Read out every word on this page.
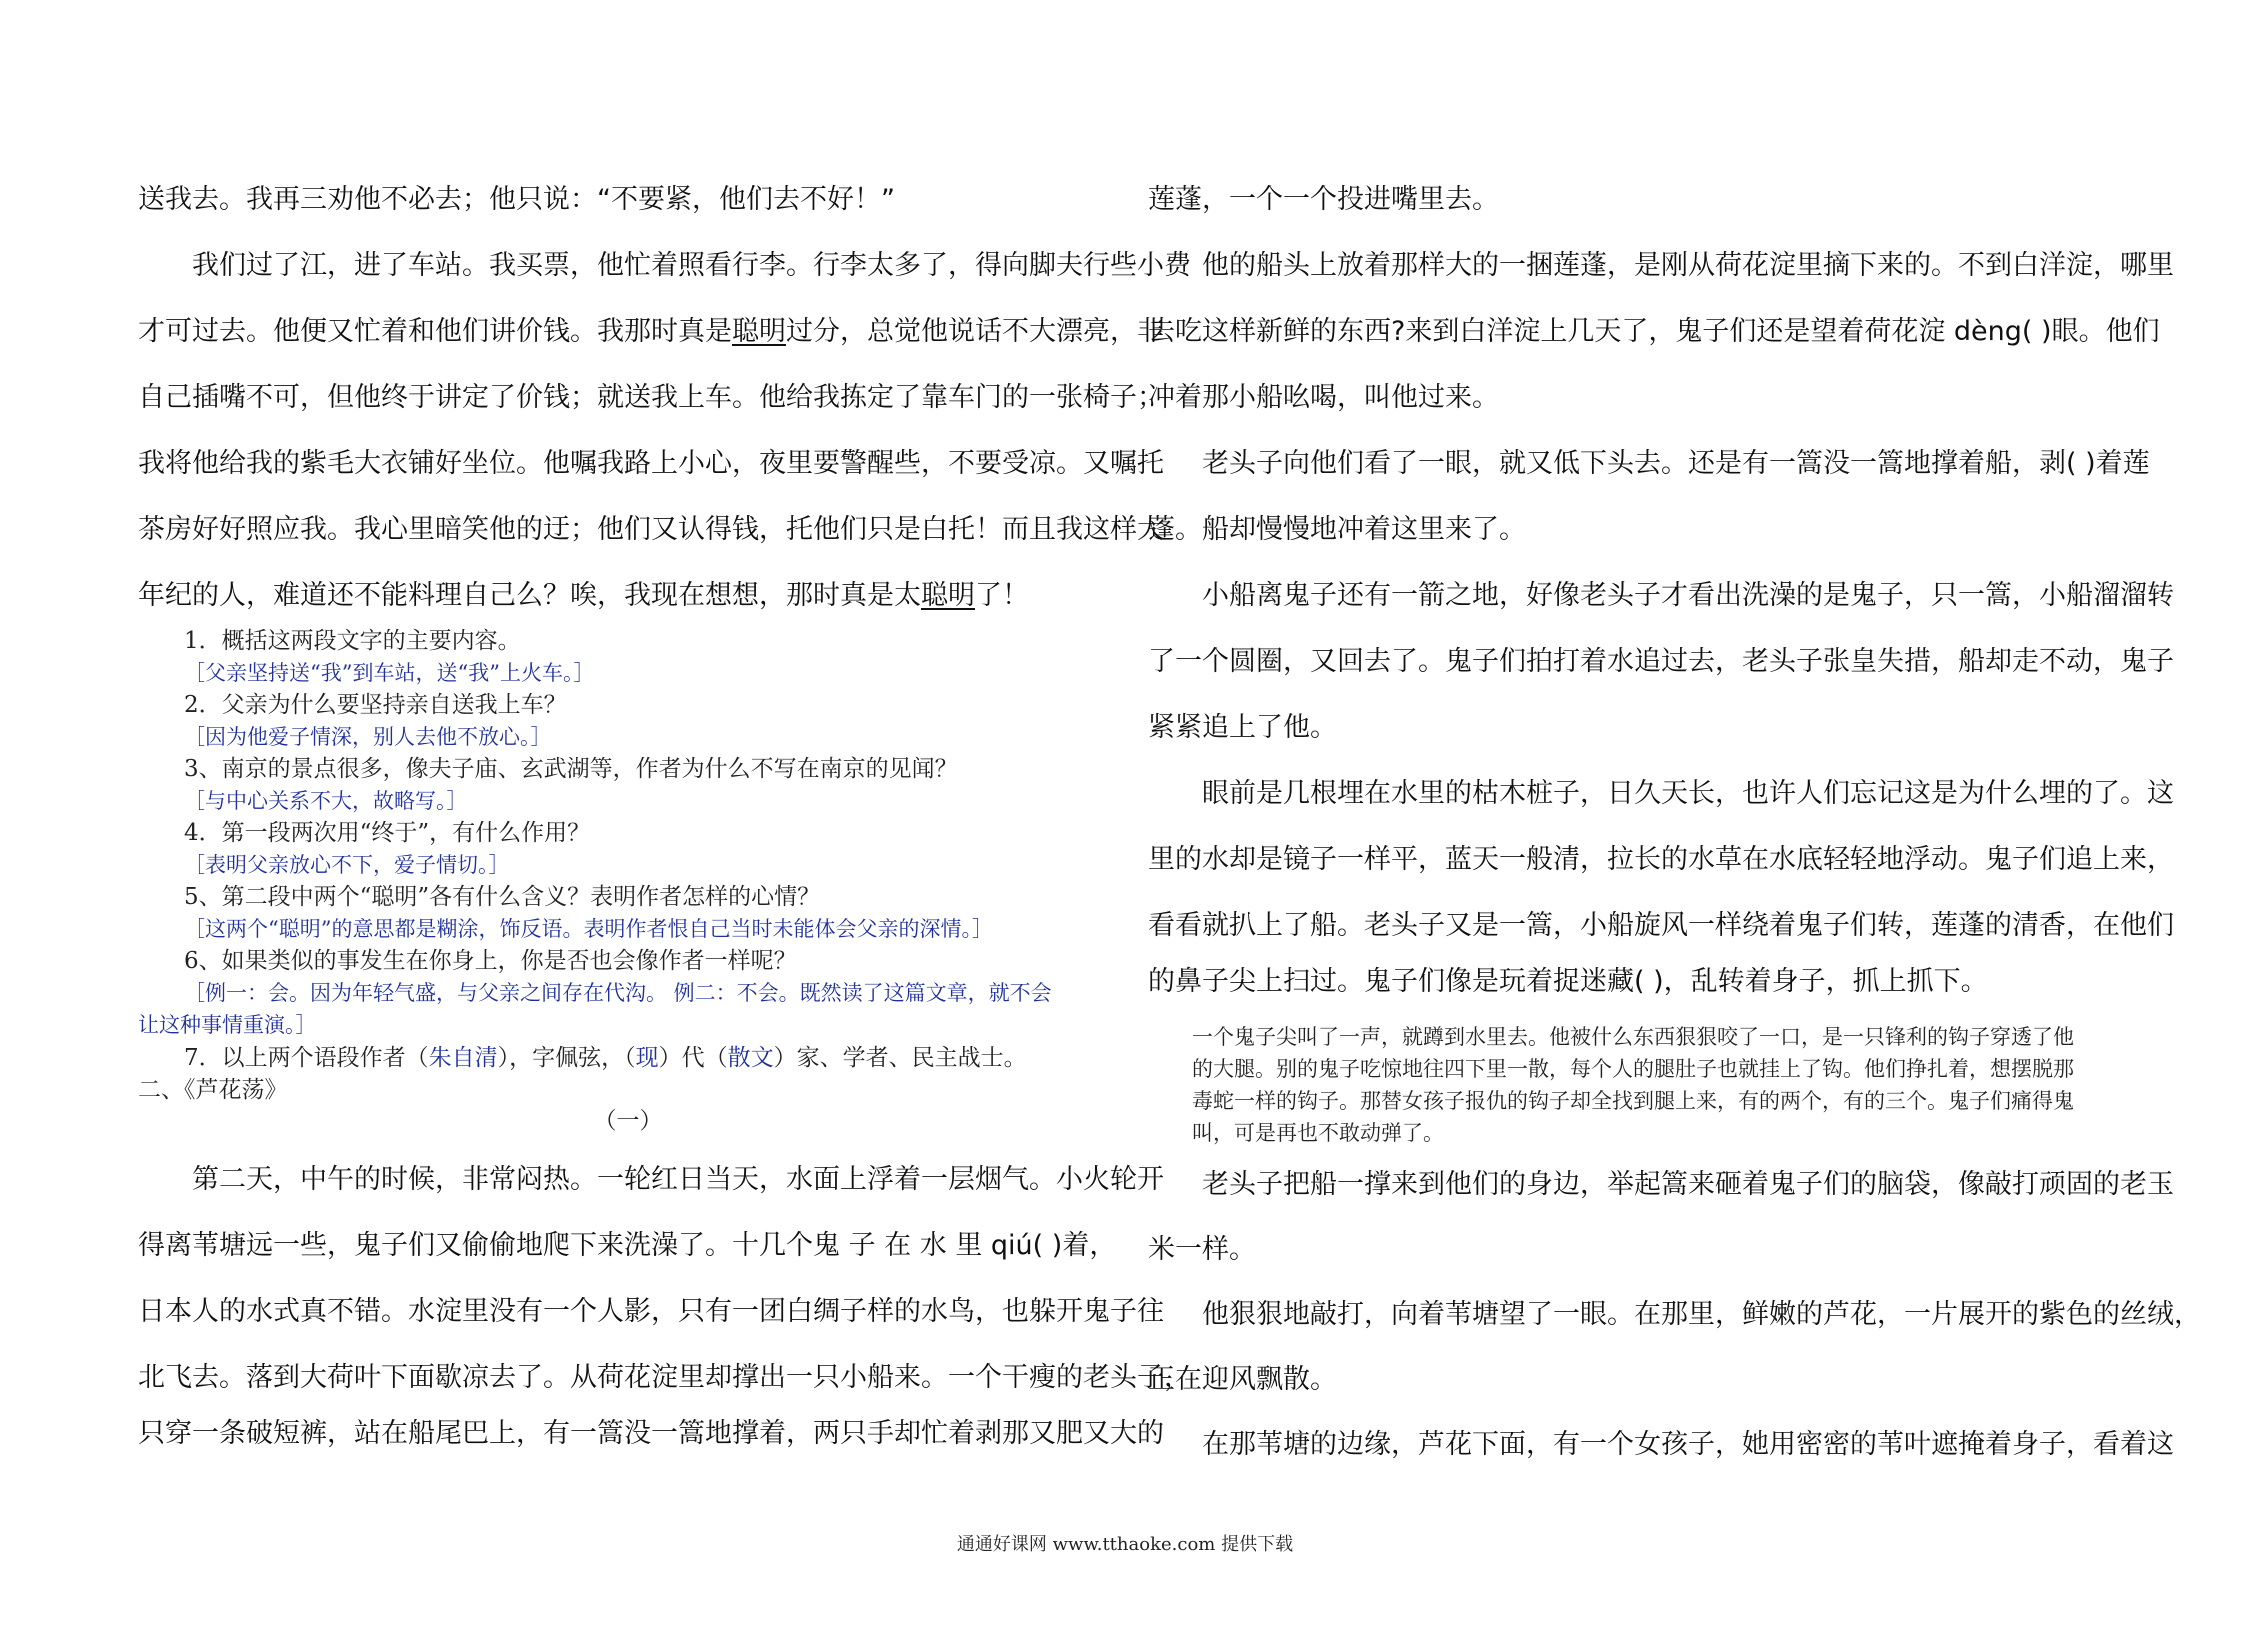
送我去。我再三劝他不必去；他只说：“不要紧，他们去不好！”
我们过了江，进了车站。我买票，他忙着照看行李。行李太多了，得向脚夫行些小费
才可过去。他便又忙着和他们讲价钱。我那时真是聪明过分，总觉他说话不大漂亮，非
自己插嘴不可，但他终于讲定了价钱；就送我上车。他给我拣定了靠车门的一张椅子；
我将他给我的紫毛大衣铺好坐位。他嘱我路上小心，夜里要警醒些，不要受凉。又嘱托
茶房好好照应我。我心里暗笑他的迂；他们又认得钱，托他们只是白托！而且我这样大
年纪的人，难道还不能料理自己么？唉，我现在想想，那时真是太聪明了！
1．概括这两段文字的主要内容。
［父亲坚持送“我”到车站，送“我”上火车。］
2．父亲为什么要坚持亲自送我上车？
［因为他爱子情深，别人去他不放心。］
3、南京的景点很多，像夫子庙、玄武湖等，作者为什么不写在南京的见闻？
［与中心关系不大，故略写。］
4．第一段两次用“终于”，有什么作用？
［表明父亲放心不下，爱子情切。］
5、第二段中两个“聪明”各有什么含义？表明作者怎样的心情？
［这两个“聪明”的意思都是糊涂，饰反语。表明作者恨自己当时未能体会父亲的深情。］
6、如果类似的事发生在你身上，你是否也会像作者一样呢？
［例一：会。因为年轻气盛，与父亲之间存在代沟。 例二：不会。既然读了这篇文章，就不会
让这种事情重演。］
7．以上两个语段作者（朱自清），字佩弦，（现）代（散文）家、学者、民主战士。
二、《芦花荡》
（一）
第二天，中午的时候，非常闷热。一轮红日当天，水面上浮着一层烟气。小火轮开
得离苇塘远一些，鬼子们又偷偷地爬下来洗澡了。十几个鬼 子 在 水 里 qiú( )着，
日本人的水式真不错。水淀里没有一个人影，只有一团白绸子样的水鸟，也躲开鬼子往
北飞去。落到大荷叶下面歇凉去了。从荷花淀里却撑出一只小船来。一个干瘦的老头子，
只穿一条破短裤，站在船尾巴上，有一篙没一篙地撑着，两只手却忙着剥那又肥又大的
莲蓬，一个一个投进嘴里去。
他的船头上放着那样大的一捆莲蓬，是刚从荷花淀里摘下来的。不到白洋淀，哪里
去吃这样新鲜的东西?来到白洋淀上几天了，鬼子们还是望着荷花淀 dèng( )眼。他们
冲着那小船吆喝，叫他过来。
老头子向他们看了一眼，就又低下头去。还是有一篙没一篙地撑着船，剥( )着莲
蓬。船却慢慢地冲着这里来了。
小船离鬼子还有一箭之地，好像老头子才看出洗澡的是鬼子，只一篙，小船溜溜转
了一个圆圈，又回去了。鬼子们拍打着水追过去，老头子张皇失措，船却走不动，鬼子
紧紧追上了他。
眼前是几根埋在水里的枯木桩子，日久天长，也许人们忘记这是为什么埋的了。这
里的水却是镜子一样平，蓝天一般清，拉长的水草在水底轻轻地浮动。鬼子们追上来，
看看就扒上了船。老头子又是一篙，小船旋风一样绕着鬼子们转，莲蓬的清香，在他们
的鼻子尖上扫过。鬼子们像是玩着捉迷藏( )，乱转着身子，抓上抓下。
一个鬼子尖叫了一声，就蹲到水里去。他被什么东西狠狠咬了一口，是一只锋利的钩子穿透了他
的大腿。别的鬼子吃惊地往四下里一散，每个人的腿肚子也就挂上了钩。他们挣扎着，想摆脱那
毒蛇一样的钩子。那替女孩子报仇的钩子却全找到腿上来，有的两个，有的三个。鬼子们痛得鬼
叫，可是再也不敢动弹了。
老头子把船一撑来到他们的身边，举起篙来砸着鬼子们的脑袋，像敲打顽固的老玉
米一样。
他狠狠地敲打，向着苇塘望了一眼。在那里，鲜嫩的芦花，一片展开的紫色的丝绒，
正在迎风飘散。
在那苇塘的边缘，芦花下面，有一个女孩子，她用密密的苇叶遮掩着身子，看着这
通通好课网 www.tthaoke.com 提供下载
